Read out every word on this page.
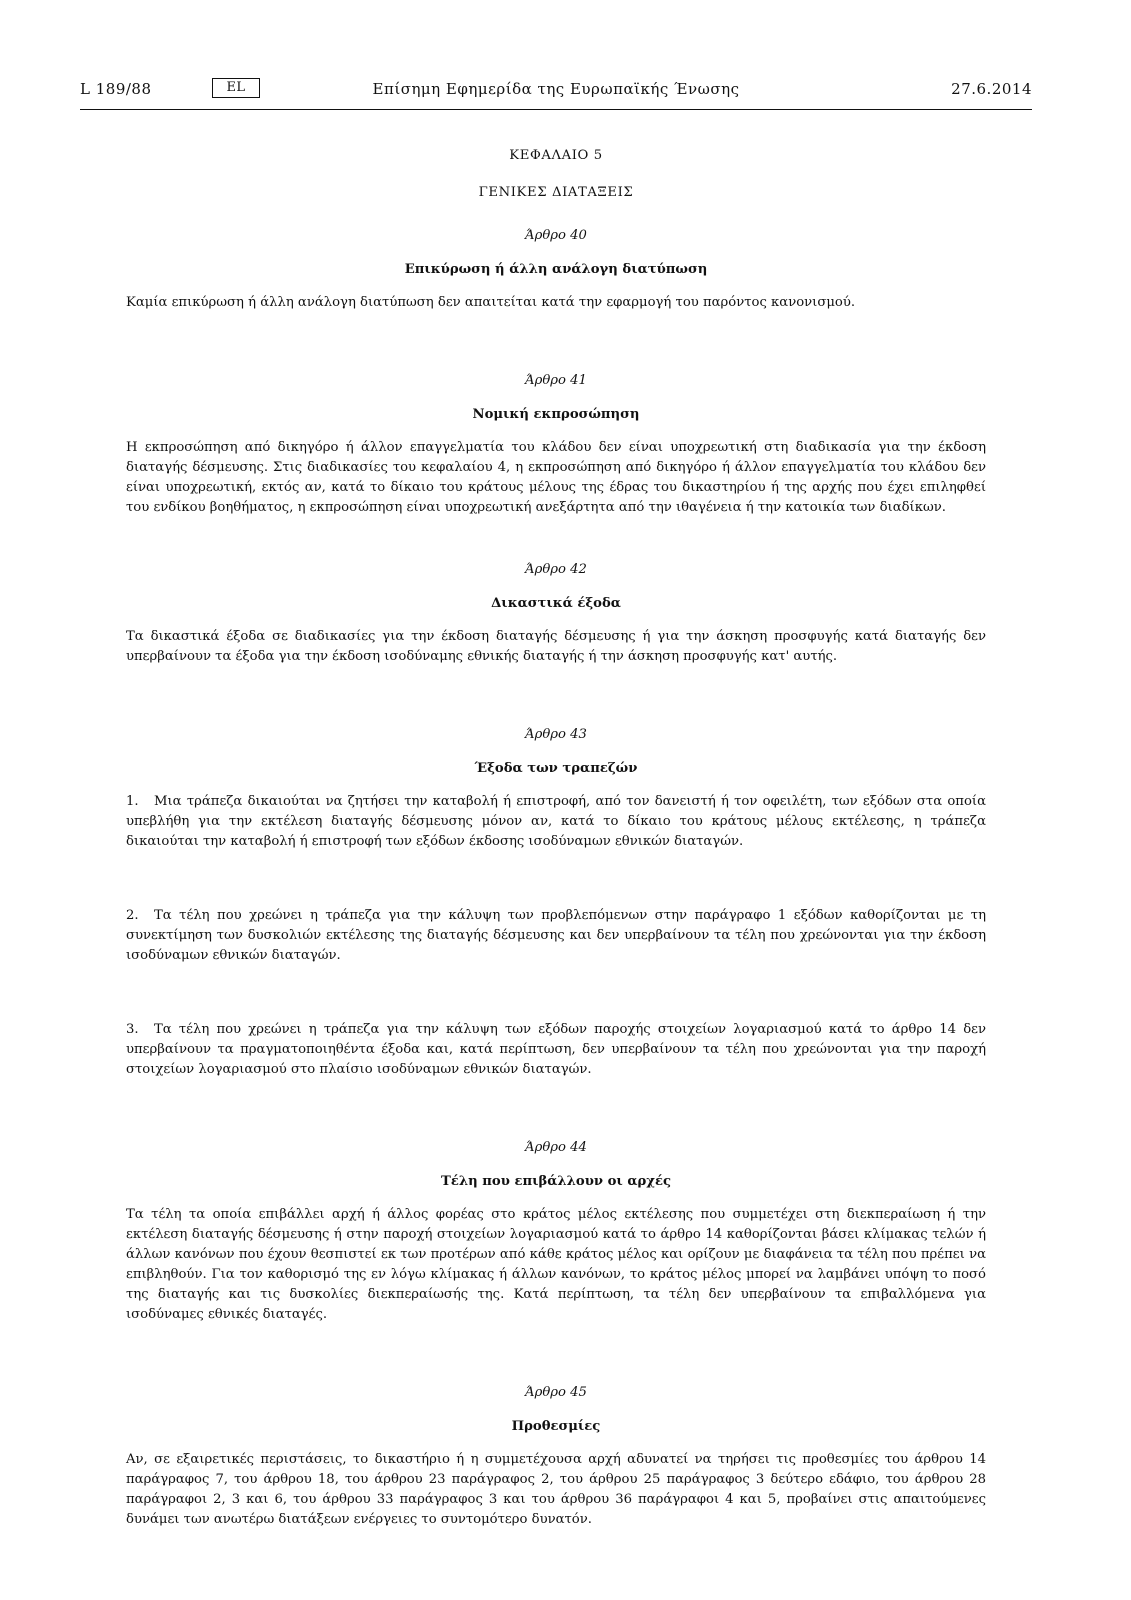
L 189/88	EL	Επίσημη Εφημερίδα της Ευρωπαϊκής Ένωσης	27.6.2014
ΚΕΦΑΛΑΙΟ 5
ΓΕΝΙΚΕΣ ΔΙΑΤΑΞΕΙΣ
Άρθρο 40
Επικύρωση ή άλλη ανάλογη διατύπωση

Καμία επικύρωση ή άλλη ανάλογη διατύπωση δεν απαιτείται κατά την εφαρμογή του παρόντος κανονισμού.

Άρθρο 41
Νομική εκπροσώπηση

Η εκπροσώπηση από δικηγόρο ή άλλον επαγγελματία του κλάδου δεν είναι υποχρεωτική στη διαδικασία για την έκδοση διαταγής δέσμευσης. Στις διαδικασίες του κεφαλαίου 4, η εκπροσώπηση από δικηγόρο ή άλλον επαγγελματία του κλάδου δεν είναι υποχρεωτική, εκτός αν, κατά το δίκαιο του κράτους μέλους της έδρας του δικαστηρίου ή της αρχής που έχει επιληφθεί του ενδίκου βοηθήματος, η εκπροσώπηση είναι υποχρεωτική ανεξάρτητα από την ιθαγένεια ή την κατοικία των διαδίκων.

Άρθρο 42
Δικαστικά έξοδα

Τα δικαστικά έξοδα σε διαδικασίες για την έκδοση διαταγής δέσμευσης ή για την άσκηση προσφυγής κατά διαταγής δεν υπερβαίνουν τα έξοδα για την έκδοση ισοδύναμης εθνικής διαταγής ή την άσκηση προσφυγής κατ' αυτής.

Άρθρο 43
Έξοδα των τραπεζών

1. Μια τράπεζα δικαιούται να ζητήσει την καταβολή ή επιστροφή, από τον δανειστή ή τον οφειλέτη, των εξόδων στα οποία υπεβλήθη για την εκτέλεση διαταγής δέσμευσης μόνον αν, κατά το δίκαιο του κράτους μέλους εκτέλεσης, η τράπεζα δικαιούται την καταβολή ή επιστροφή των εξόδων έκδοσης ισοδύναμων εθνικών διαταγών.

2. Τα τέλη που χρεώνει η τράπεζα για την κάλυψη των προβλεπόμενων στην παράγραφο 1 εξόδων καθορίζονται με τη συνεκτίμηση των δυσκολιών εκτέλεσης της διαταγής δέσμευσης και δεν υπερβαίνουν τα τέλη που χρεώνονται για την έκδοση ισοδύναμων εθνικών διαταγών.

3. Τα τέλη που χρεώνει η τράπεζα για την κάλυψη των εξόδων παροχής στοιχείων λογαριασμού κατά το άρθρο 14 δεν υπερβαίνουν τα πραγματοποιηθέντα έξοδα και, κατά περίπτωση, δεν υπερβαίνουν τα τέλη που χρεώνονται για την παροχή στοιχείων λογαριασμού στο πλαίσιο ισοδύναμων εθνικών διαταγών.

Άρθρο 44
Τέλη που επιβάλλουν οι αρχές

Τα τέλη τα οποία επιβάλλει αρχή ή άλλος φορέας στο κράτος μέλος εκτέλεσης που συμμετέχει στη διεκπεραίωση ή την εκτέλεση διαταγής δέσμευσης ή στην παροχή στοιχείων λογαριασμού κατά το άρθρο 14 καθορίζονται βάσει κλίμακας τελών ή άλλων κανόνων που έχουν θεσπιστεί εκ των προτέρων από κάθε κράτος μέλος και ορίζουν με διαφάνεια τα τέλη που πρέπει να επιβληθούν. Για τον καθορισμό της εν λόγω κλίμακας ή άλλων κανόνων, το κράτος μέλος μπορεί να λαμβάνει υπόψη το ποσό της διαταγής και τις δυσκολίες διεκπεραίωσής της. Κατά περίπτωση, τα τέλη δεν υπερβαίνουν τα επιβαλλόμενα για ισοδύναμες εθνικές διαταγές.

Άρθρο 45
Προθεσμίες

Αν, σε εξαιρετικές περιστάσεις, το δικαστήριο ή η συμμετέχουσα αρχή αδυνατεί να τηρήσει τις προθεσμίες του άρθρου 14 παράγραφος 7, του άρθρου 18, του άρθρου 23 παράγραφος 2, του άρθρου 25 παράγραφος 3 δεύτερο εδάφιο, του άρθρου 28 παράγραφοι 2, 3 και 6, του άρθρου 33 παράγραφος 3 και του άρθρου 36 παράγραφοι 4 και 5, προβαίνει στις απαιτούμενες δυνάμει των ανωτέρω διατάξεων ενέργειες το συντομότερο δυνατόν.
